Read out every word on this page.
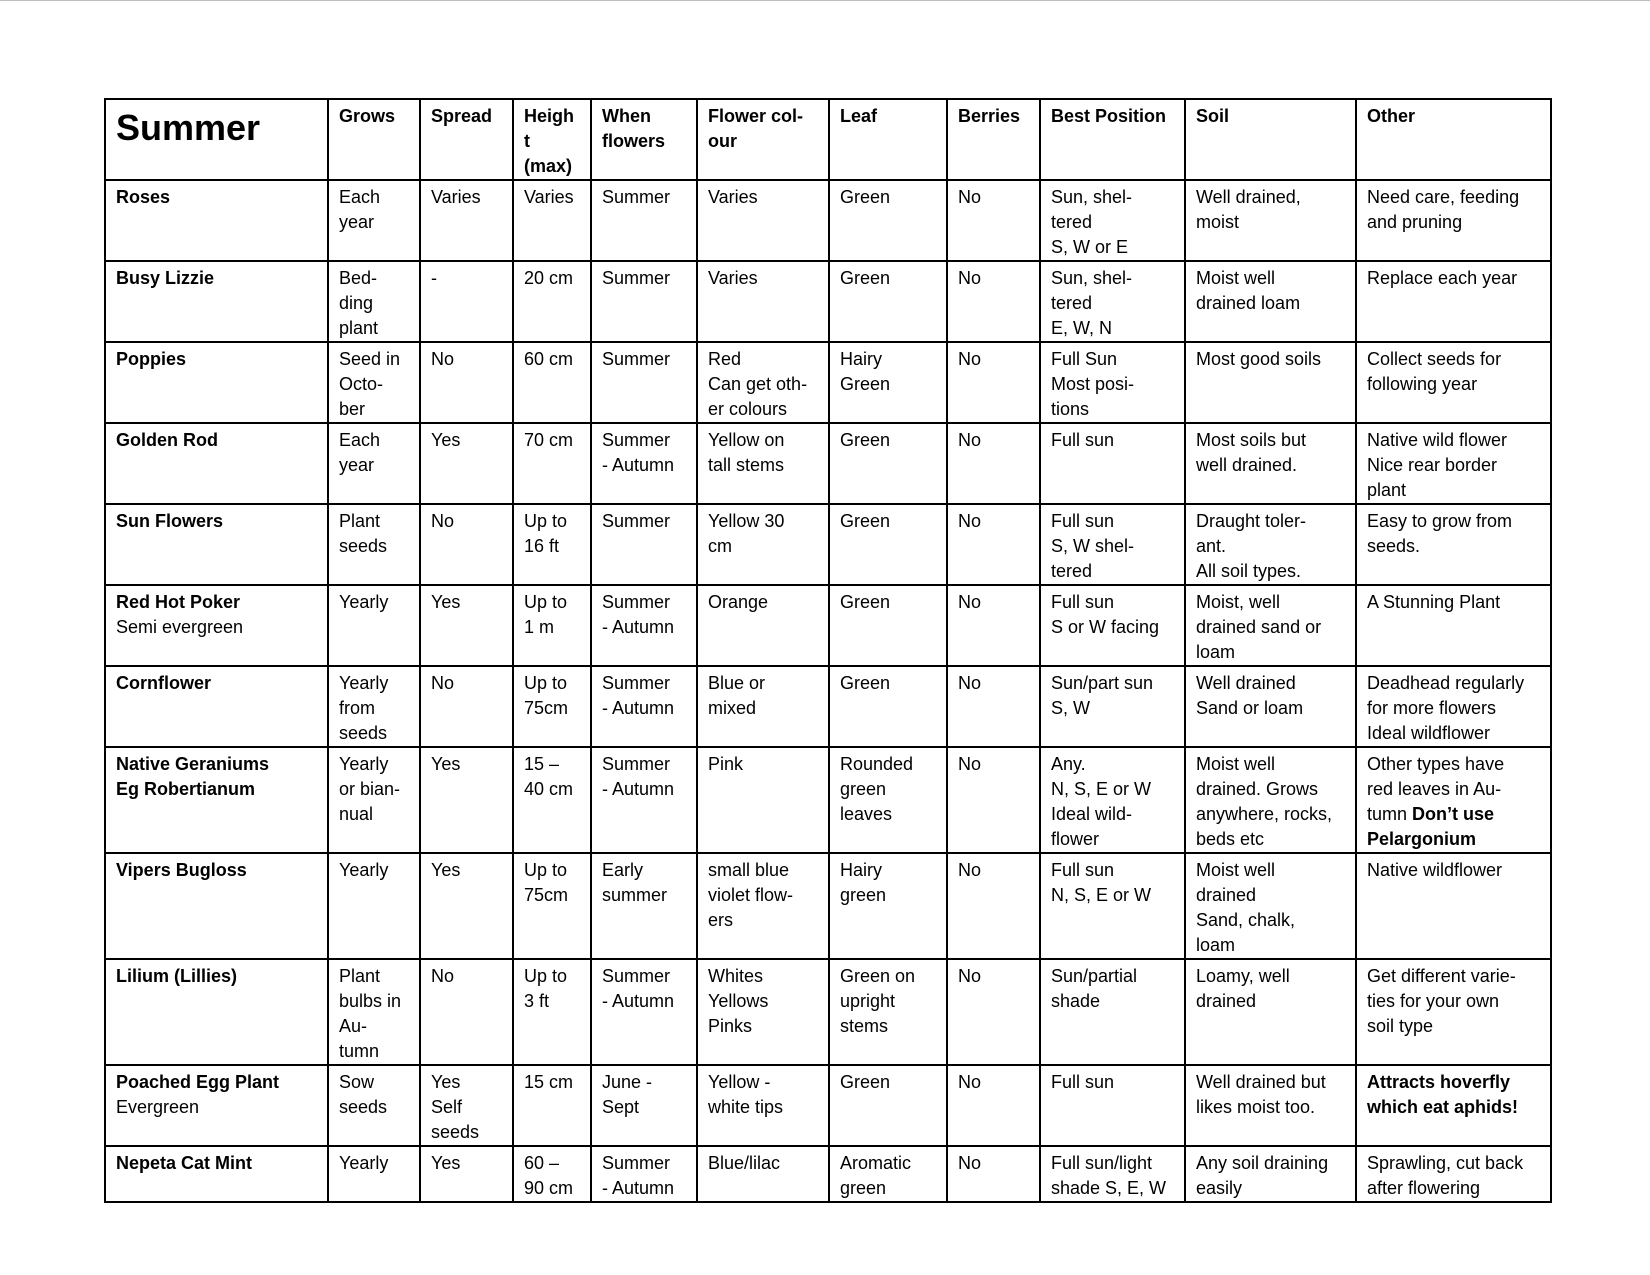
Summer	Grows	Spread	Heigh
t
(max)	When
flowers	Flower col-
our	Leaf	Berries	Best Position	Soil	Other
Roses	Each
year	Varies	Varies	Summer	Varies	Green	No	Sun, shel-
tered
S, W or E	Well drained,
moist	Need care, feeding
and pruning
Busy Lizzie	Bed-
ding
plant	-	20 cm	Summer	Varies	Green	No	Sun, shel-
tered
E, W, N	Moist well
drained loam	Replace each year
Poppies	Seed in
Octo-
ber	No	60 cm	Summer	Red
Can get oth-
er colours	Hairy
Green	No	Full Sun
Most posi-
tions	Most good soils	Collect seeds for
following year
Golden Rod	Each
year	Yes	70 cm	Summer
- Autumn	Yellow on
tall stems	Green	No	Full sun	Most soils but
well drained.	Native wild flower
Nice rear border
plant
Sun Flowers	Plant
seeds	No	Up to
16 ft	Summer	Yellow 30
cm	Green	No	Full sun
S, W shel-
tered	Draught toler-
ant.
All soil types.	Easy to grow from
seeds.
Red Hot Poker
Semi evergreen	Yearly	Yes	Up to
1 m	Summer
- Autumn	Orange	Green	No	Full sun
S or W facing	Moist, well
drained sand or
loam	A Stunning Plant
Cornflower	Yearly
from
seeds	No	Up to
75cm	Summer
- Autumn	Blue or
mixed	Green	No	Sun/part sun
S, W	Well drained
Sand or loam	Deadhead regularly
for more flowers
Ideal wildflower
Native Geraniums
Eg Robertianum	Yearly
or bian-
nual	Yes	15 –
40 cm	Summer
- Autumn	Pink	Rounded
green
leaves	No	Any.
N, S, E or W
Ideal wild-
flower	Moist well
drained. Grows
anywhere, rocks,
beds etc	Other types have
red leaves in Au-
tumn Don’t use
Pelargonium
Vipers Bugloss	Yearly	Yes	Up to
75cm	Early
summer	small blue
violet flow-
ers	Hairy
green	No	Full sun
N, S, E or W	Moist well
drained
Sand, chalk,
loam	Native wildflower
Lilium (Lillies)	Plant
bulbs in
Au-
tumn	No	Up to
3 ft	Summer
- Autumn	Whites
Yellows
Pinks	Green on
upright
stems	No	Sun/partial
shade	Loamy, well
drained	Get different varie-
ties for your own
soil type
Poached Egg Plant
Evergreen	Sow
seeds	Yes
Self
seeds	15 cm	June -
Sept	Yellow -
white tips	Green	No	Full sun	Well drained but
likes moist too.	Attracts hoverfly
which eat aphids!
Nepeta Cat Mint	Yearly	Yes	60 –
90 cm	Summer
- Autumn	Blue/lilac	Aromatic
green	No	Full sun/light
shade S, E, W	Any soil draining
easily	Sprawling, cut back
after flowering
